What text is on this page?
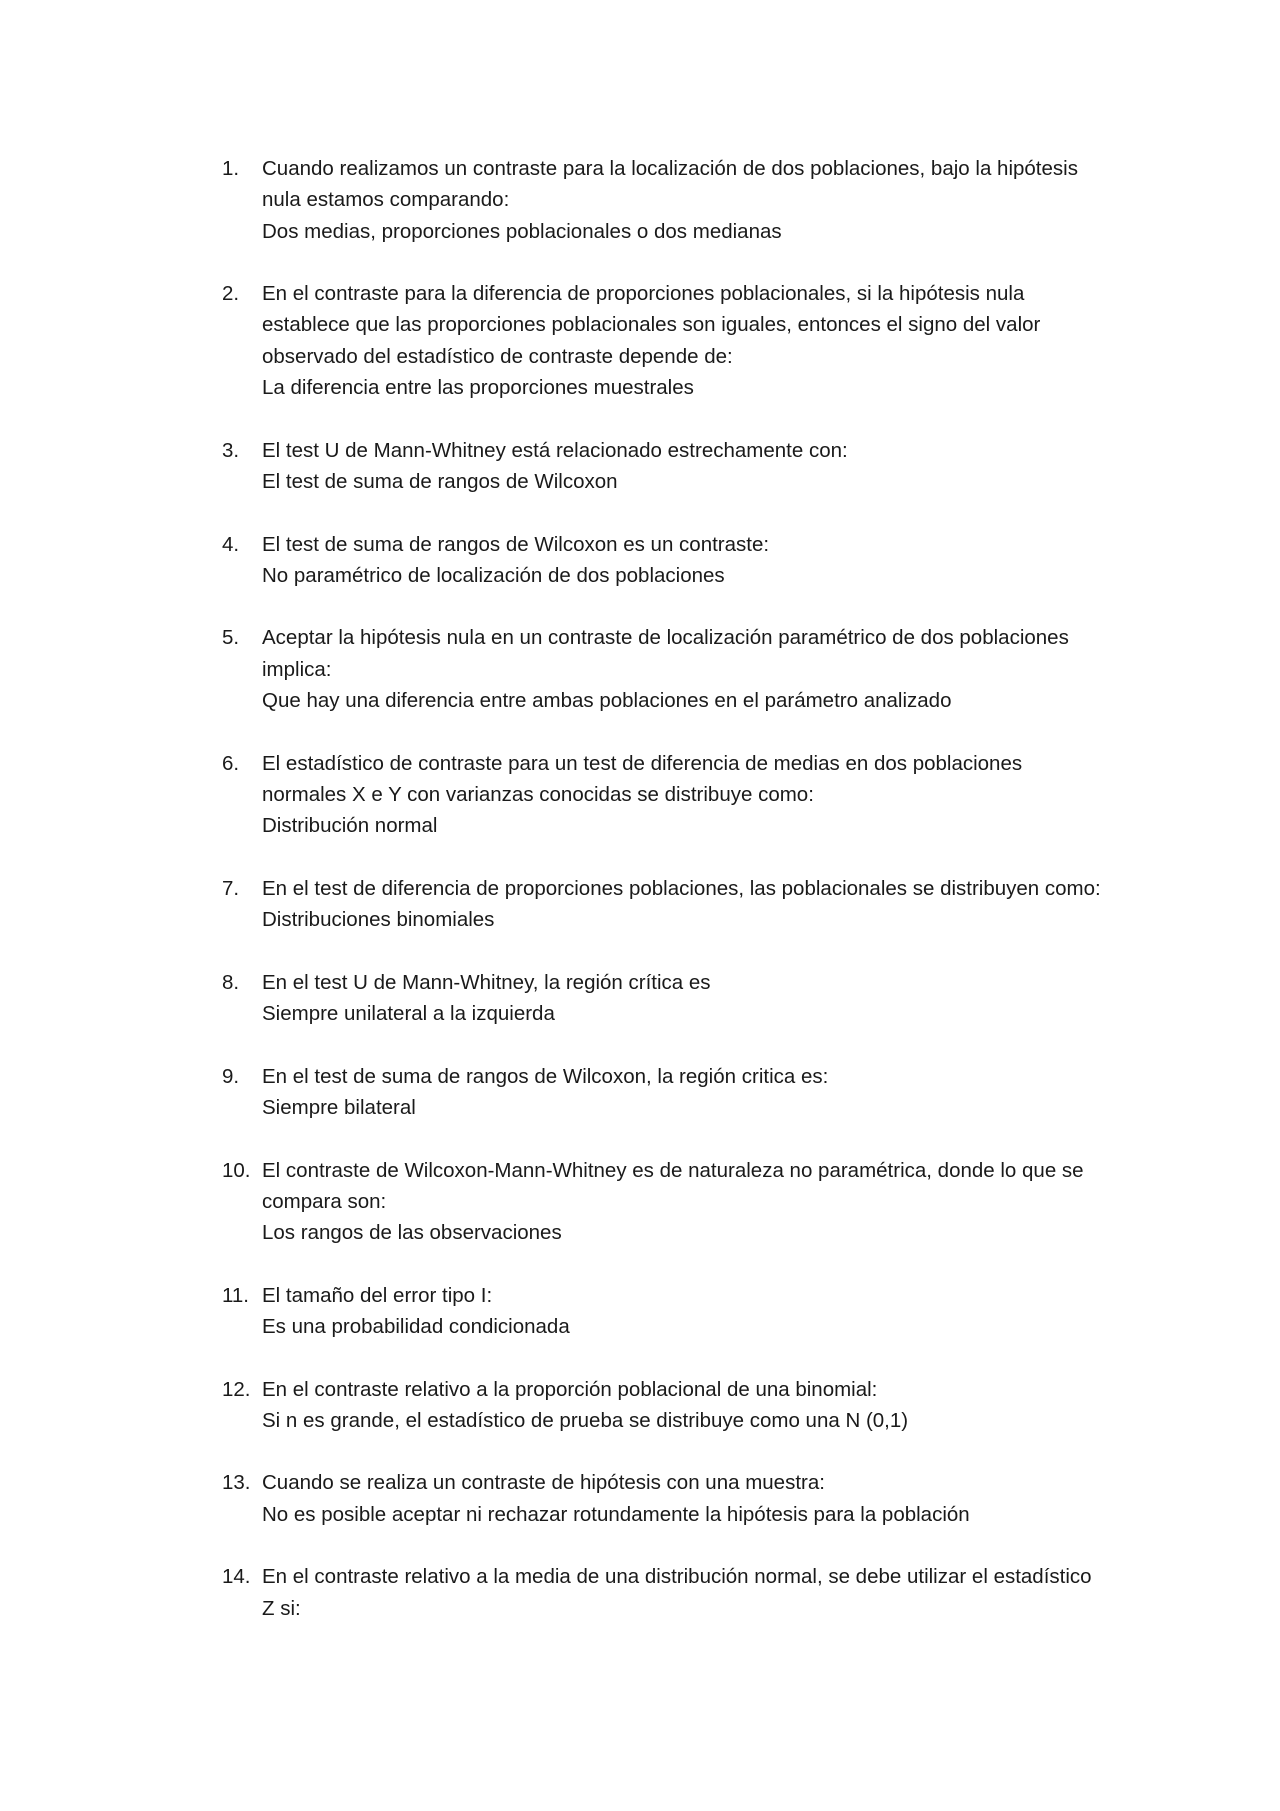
1.	Cuando realizamos un contraste para la localización de dos poblaciones, bajo la hipótesis nula estamos comparando:
Dos medias, proporciones poblacionales o dos medianas
2.	En el contraste para la diferencia de proporciones poblacionales, si la hipótesis nula establece que las proporciones poblacionales son iguales, entonces el signo del valor observado del estadístico de contraste depende de:
La diferencia entre las proporciones muestrales
3.	El test U de Mann-Whitney está relacionado estrechamente con:
El test de suma de rangos de Wilcoxon
4.	El test de suma de rangos de Wilcoxon es un contraste:
No paramétrico de localización de dos poblaciones
5.	Aceptar la hipótesis nula en un contraste de localización paramétrico de dos poblaciones implica:
Que hay una diferencia entre ambas poblaciones en el parámetro analizado
6.	El estadístico de contraste para un test de diferencia de medias en dos poblaciones normales X e Y con varianzas conocidas se distribuye como:
Distribución normal
7.	En el test de diferencia de proporciones poblaciones, las poblacionales se distribuyen como:
Distribuciones binomiales
8.	En el test U de Mann-Whitney, la región crítica es
Siempre unilateral a la izquierda
9.	En el test de suma de rangos de Wilcoxon, la región critica es:
Siempre bilateral
10. El contraste de Wilcoxon-Mann-Whitney es de naturaleza no paramétrica, donde lo que se compara son:
Los rangos de las observaciones
11. El tamaño del error tipo I:
Es una probabilidad condicionada
12. En el contraste relativo a la proporción poblacional de una binomial:
Si n es grande, el estadístico de prueba se distribuye como una N (0,1)
13. Cuando se realiza un contraste de hipótesis con una muestra:
No es posible aceptar ni rechazar rotundamente la hipótesis para la población
14. En el contraste relativo a la media de una distribución normal, se debe utilizar el estadístico Z si:
